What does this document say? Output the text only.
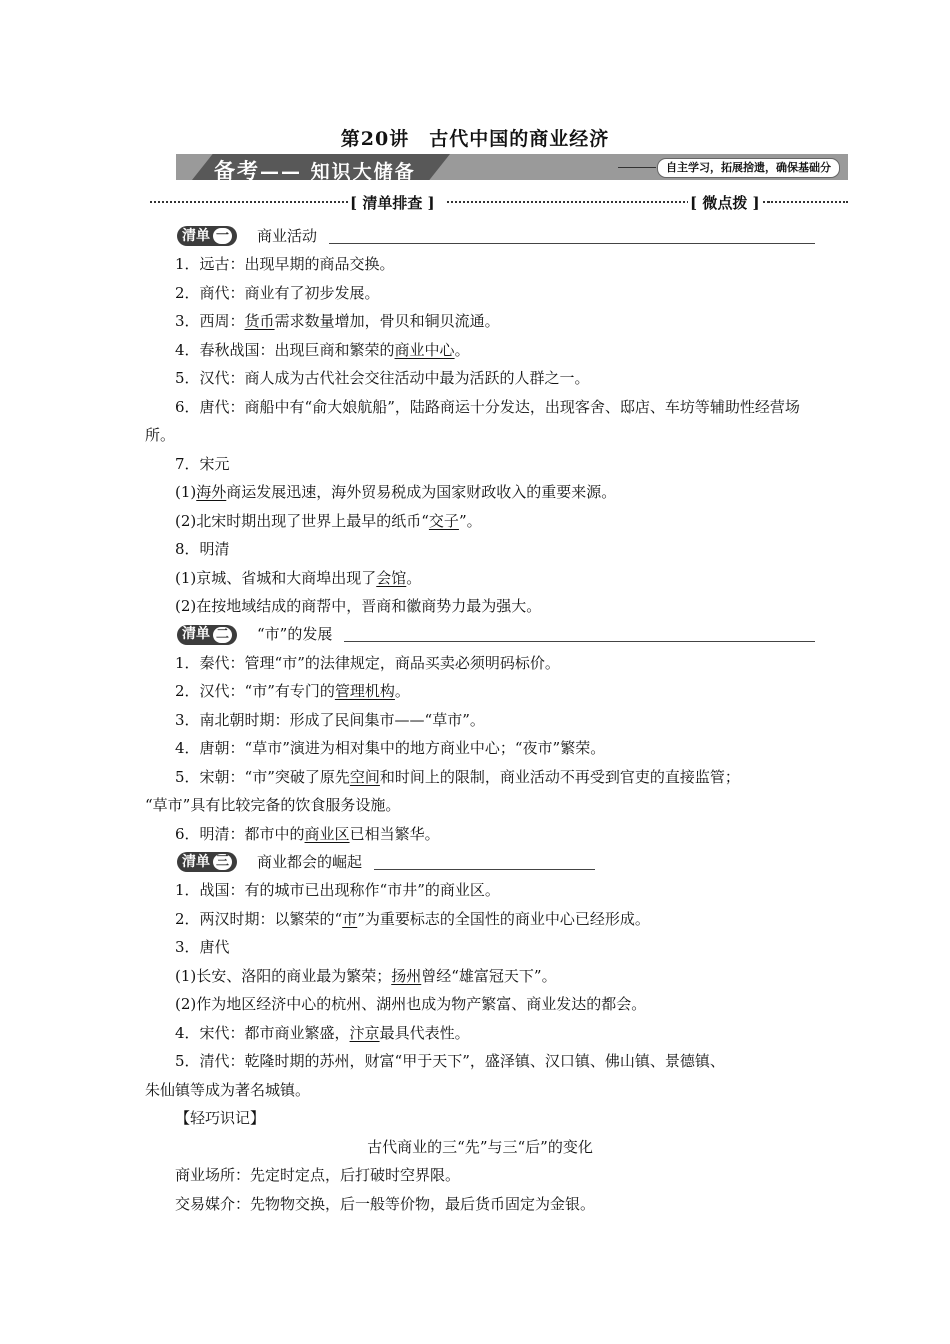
第20讲 古代中国的商业经济
备考—— 知识大储备	自主学习，拓展捨遗，确保基础分
[ 清单排查 ]	[ 微点拨 ]
清单 一 商业活动

1．远古：出现早期的商品交换。

2．商代：商业有了初步发展。

3．西周：货币需求数量增加，骨贝和铜贝流通。

4．春秋战国：出现巨商和繁荣的商业中心。

5．汉代：商人成为古代社会交往活动中最为活跃的人群之一。

6．唐代：商船中有“俞大娘航船”，陆路商运十分发达，出现客舍、邸店、车坊等辅助性经营场所。

7．宋元

(1)海外商运发展迅速，海外贸易税成为国家财政收入的重要来源。

(2)北宋时期出现了世界上最早的纸币“交子”。

8．明清

(1)京城、省城和大商埠出现了会馆。

(2)在按地域结成的商帮中，晋商和徽商势力最为强大。

清单 二 “市”的发展

1．秦代：管理“市”的法律规定，商品买卖必须明码标价。

2．汉代：“市”有专门的管理机构。

3．南北朝时期：形成了民间集市——“草市”。

4．唐朝：“草市”演进为相对集中的地方商业中心；“夜市”繁荣。

5．宋朝：“市”突破了原先空间和时间上的限制，商业活动不再受到官吏的直接监管；

“草市”具有比较完备的饮食服务设施。

6．明清：都市中的商业区已相当繁华。

清单 三 商业都会的崛起

1．战国：有的城市已出现称作“市井”的商业区。

2．两汉时期：以繁荣的“市”为重要标志的全国性的商业中心已经形成。

3．唐代

(1)长安、洛阳的商业最为繁荣；扬州曾经“雄富冠天下”。

(2)作为地区经济中心的杭州、湖州也成为物产繁富、商业发达的都会。

4．宋代：都市商业繁盛，汴京最具代表性。

5．清代：乾隆时期的苏州，财富“甲于天下”，盛泽镇、汉口镇、佛山镇、景德镇、

朱仙镇等成为著名城镇。

【轻巧识记】

古代商业的三“先”与三“后”的变化

商业场所：先定时定点，后打破时空界限。

交易媒介：先物物交换，后一般等价物，最后货币固定为金银。
